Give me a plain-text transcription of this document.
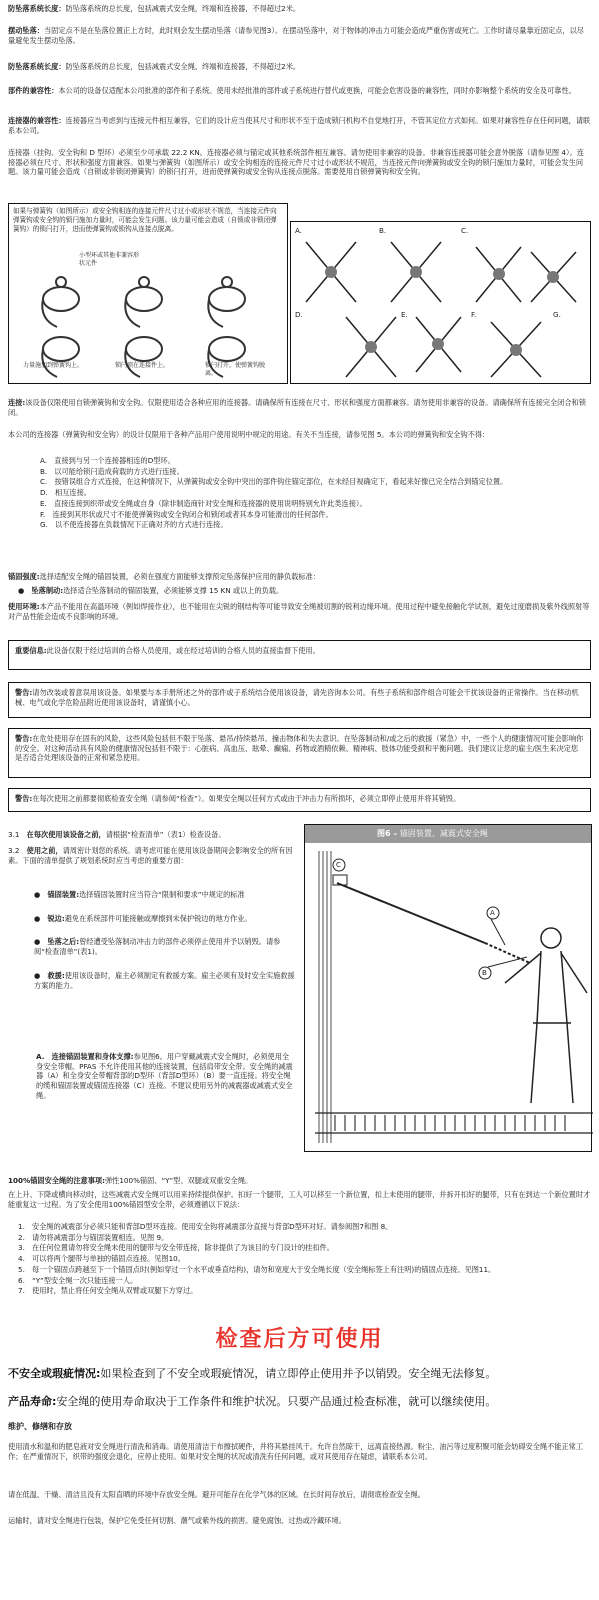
防坠落系统长度：防坠落系统的总长度，包括减震式安全绳，终端和连接器，不得超过2米。

摆动坠落：当固定点不是在坠落位置正上方时，此时则会发生摆动坠落（请参见图3）。在摆动坠落中，对于物体的冲击力可能会造成严重伤害或死亡。工作时请尽量靠近固定点，以尽量避免发生摆动坠落。

防坠落系统长度：防坠落系统的总长度，包括减震式安全绳、终端和连接器，不得超过2米。

部件的兼容性：本公司的设备仅适配本公司批准的部件和子系统。使用未经批准的部件或子系统进行替代或更换，可能会危害设备的兼容性，同时亦影响整个系统的安全及可靠性。

连接器的兼容性：连接器应当考虑到与连接元件相互兼容，它们的设计应当使其尺寸和形状不至于造成锁闩机构不自觉地打开，不管其定位方式如何。如果对兼容性存在任何问题，请联系本公司。

连接器（挂钩、安全钩和 D 型环）必须至少可承载 22.2 KN。连接器必须与锚定或其他系统部件相互兼容。请勿使用非兼容的设备。非兼容连接器可能会意外脱落（请参见图 4）。连接器必须在尺寸、形状和强度方面兼容。如果与弹簧钩（如图所示）或安全钩相连的连接元件尺寸过小或形状不规范，当连接元件向弹簧钩或安全钩的锁闩施加力量时，可能会发生问题。该力量可能会造成（自锁或非锁闭弹簧钩）的锁闩打开，进而使弹簧钩或安全钩从连接点脱落。需要使用自锁弹簧钩和安全钩。

如果与弹簧钩（如图所示）或安全钩相连的连接元件尺寸过小或形状不规范，当连接元件向弹簧钩或安全钩的锁闩施加力量时，可能会发生问题。该力量可能会造成（自锁或非锁闭弹簧钩）的锁闩打开，进而使弹簧钩或锁钩从连接点脱离。

小型环或其他非兼容形状元件

力量施加到弹簧钩上。	锁闩顶在连接件上。	锁闩打开，使弹簧钩脱离。
A.	B.	C.
D.	E.	F.	G.

连接:该设备仅限使用自锁弹簧钩和安全钩。仅限使用适合各种应用的连接器。请确保所有连接在尺寸、形状和强度方面都兼容。请勿使用非兼容的设备。请确保所有连接完全闭合和锁闭。

本公司的连接器（弹簧钩和安全钩）的设计仅限用于各种产品用户使用说明中规定的用途。有关不当连接，请参见图 5。本公司的弹簧钩和安全钩不得：

A.　直接到与另一个连接器相连的D型环。
B.　以可能给锁闩造成荷载的方式进行连接。
C.　按错误组合方式连接，在这种情况下，从弹簧钩或安全钩中突出的部件钩住锚定部位，在未经目视确定下，看起来好像已完全结合到锚定位置。
D.　相互连接。
E.　直接连接到织带或安全绳或自身（除非制造商针对安全绳和连接器的使用说明特别允许此类连接）。
F.　连接到其形状或尺寸不能使弹簧钩或安全钩闭合和锁闭或者其本身可能滑出的任何部件。
G.　以不使连接器在负载情况下正确对齐的方式进行连接。

锚固强度:选择适配安全绳的锚固装置，必须在强度方面能够支撑预定坠落保护应用的静负载标准：

●　坠落制动:选择适合坠落制动的锚固装置，必须能够支撑 15 KN 或以上的负载。

使用环境:本产品不能用在高温环境（例如焊接作业），也不能用在尖锐的钢结构等可能导致安全绳被切割的锐利边缘环境。使用过程中避免接触化学试剂，避免过度磨损及紫外线照射等对产品性能会造成不良影响的环境。

重要信息:此设备仅限于经过培训的合格人员使用，或在经过培训的合格人员的直接监督下使用。
警告:请勿改装或着意误用该设备。如果要与本手册所述之外的部件或子系统结合使用该设备，请先咨询本公司。有些子系统和部件组合可能会干扰该设备的正常操作。当在移动机械、电气或化学危险品附近使用该设备时，请谨慎小心。
警告:在危处使用存在固有的风险，这些风险包括但不限于坠落、悬吊/持续悬吊、撞击物体和失去意识。在坠落制动和/或之后的救援（紧急）中，一些个人的健康情况可能会影响你的安全。对这种活动具有风险的健康情况包括但不限于：心脏病、高血压、眩晕、癫痫、药物或酒精依赖、精神病、肢体功能受损和平衡问题。我们建议让您的雇主/医生来决定您是否适合处理该设备的正常和紧急使用。
警告:在每次使用之前都要彻底检查安全绳（请参阅“检查”）。如果安全绳以任何方式或由于冲击力有所损坏，必须立即停止使用并将其销毁。

3.1　 在每次使用该设备之前，请根据“检查清单”（表1）检查设备。

3.2　 使用之前，请周密计划您的系统。请考虑可能在使用该设备期间会影响安全的所有因素。下面的清单提供了规划系统时应当考虑的重要方面：

●　锚固装置:选择锚固装置时应当符合“限制和要求”中规定的标准

●　锐边:避免在系统部件可能接触或摩擦到未保护锐边的地方作业。

●　坠落之后:曾经遭受坠落制动冲击力的部件必须停止使用并予以销毁。请参阅“检查清单”(表1)。

●　救援:使用该设备时，雇主必须制定有救援方案。雇主必须有及时安全实施救援方案的能力。

A.　连接锚固装置和身体支撑:参见图6。用户穿戴减震式安全绳时，必须使用全身安全带帽。PFAS 不允许使用其他的连接装置，包括肩带安全带。安全绳的减震器（A）和全身安全带帽背部的D型环（背部D型环）（B）要一直连接。将安全绳的缆和锚固装置或锚固连接器（C）连接。不建议使用另外的减震器或减震式安全绳。

图6 – 锚固装置、减震式安全绳
C
A
B

100%锚固安全绳的注意事项:弹性100%锚固、“Y”型、双腿或双重安全绳。

在上升、下降或横向移动时，这些减震式安全绳可以用来持续提供保护。扣好一个腿带，工人可以移至一个新位置，扣上未使用的腿带，并拆开扣好的腿带，只有在到达一个新位置时才能重复这一过程。为了安全使用100%锚固型安全带，必须遵循以下说法：

1.　安全绳的减震部分必须只能和背部D型环连接。使用安全钩将减震部分直接与背部D型环对好。请参阅图7和图 8。
2.　请勿将减震部分与锚固装置相连。见图 9。
3.　在任何位置请勿将安全绳未使用的腿带与安全带连接，除非提供了为该目的专门设计的挂扣件。
4.　可以将两个腿带与单独的锚固点连接。见图10。
5.　每一个锚固点跨越至下一个锚固点时(例如穿过一个水平或垂直结构)，请勿和宽度大于安全绳长度（安全绳标签上有注明)的锚固点连接。见图11。
6.　“Y”型安全绳一次只能连接一人。
7.　使用时，禁止将任何安全绳从双臂或双腿下方穿过。
检查后方可使用

不安全或瑕疵情况:如果检查到了不安全或瑕疵情况，请立即停止使用并予以销毁。安全绳无法修复。

产品寿命:安全绳的使用寿命取决于工作条件和维护状况。只要产品通过检查标准，就可以继续使用。

维护、修缮和存放

使用清水和温和的肥皂液对安全绳进行清洗和消毒。请使用清洁干布擦拭硬件，并将其悬挂风干。允许自然晾干，远离直接热源。粉尘、油污等过度积聚可能会妨碍安全绳不能正常工作；在严重情况下，织带的强度会退化，应停止使用。如果对安全绳的状况或清洗有任何问题，或对其使用存在疑虑，请联系本公司。

请在低温、干燥、清洁且没有太阳直晒的环境中存放安全绳。避开可能存在化学气体的区域。在长时间存放后，请彻底检查安全绳。

运输时，请对安全绳进行包装，保护它免受任何切割、潮气或紫外线的损害。避免腐蚀、过热或冷藏环境。
